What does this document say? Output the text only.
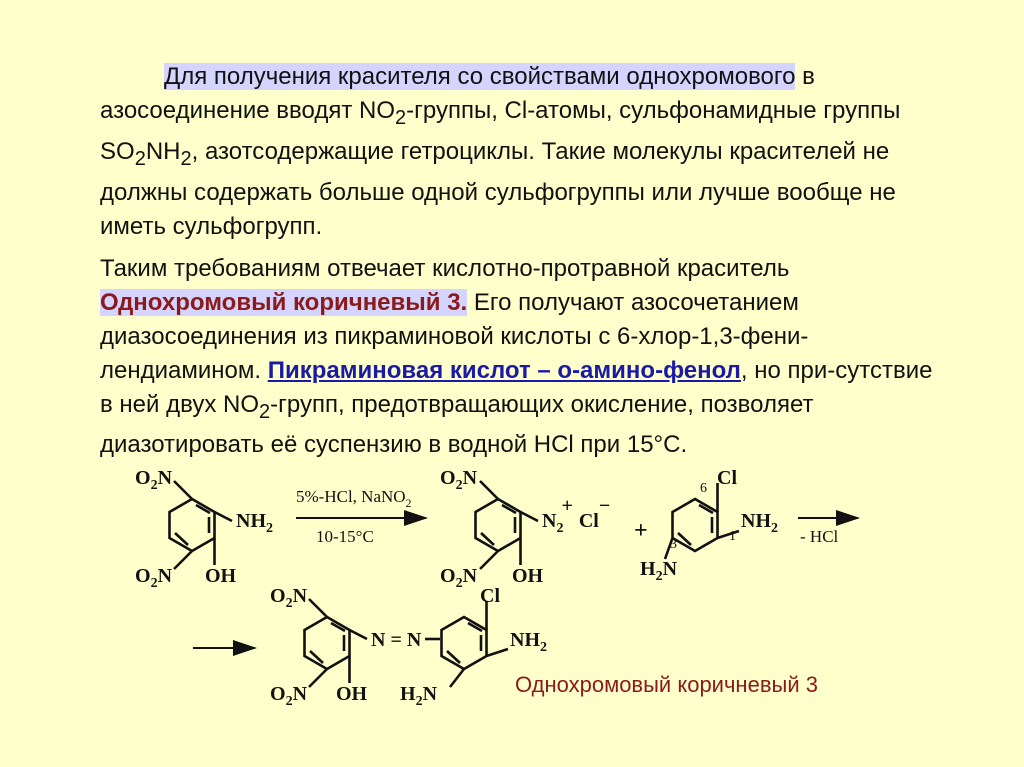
Для получения красителя со свойствами однохромового в азосоединение вводят $NO_2$-группы, Cl-атомы, сульфонамидные группы $SO_2NH_2$, азотсодержащие гетроциклы. Такие молекулы красителей не должны содержать больше одной сульфогруппы или лучше вообще не иметь сульфогрупп.

Таким требованиям отвечает кислотно-протравной краситель Однохромовый коричневый 3. Его получают азосочетанием диазосоединения из пикраминовой кислоты с 6-хлор-1,3-фени-лендиамином. Пикраминовая кислот – о-амино-фенол, но при-сутствие в ней двух $NO_2$-групп, предотвращающих окисление, позволяет диазотировать её суспензию в водной HCl при 15°C.

$O_2N$
$NH_2$
$O_2N$ OH
5%-HCl, NaNO$_2$
10-15°C
$O_2N$
$N_2+Cl-$
$O_2N$ OH
+
6 Cl
1
$NH_2$
3
$H_2N$
- HCl
$O_2N$
N = N
$O_2N$ OH
Cl
$NH_2$
$H_2N$	Однохромовый коричневый 3
